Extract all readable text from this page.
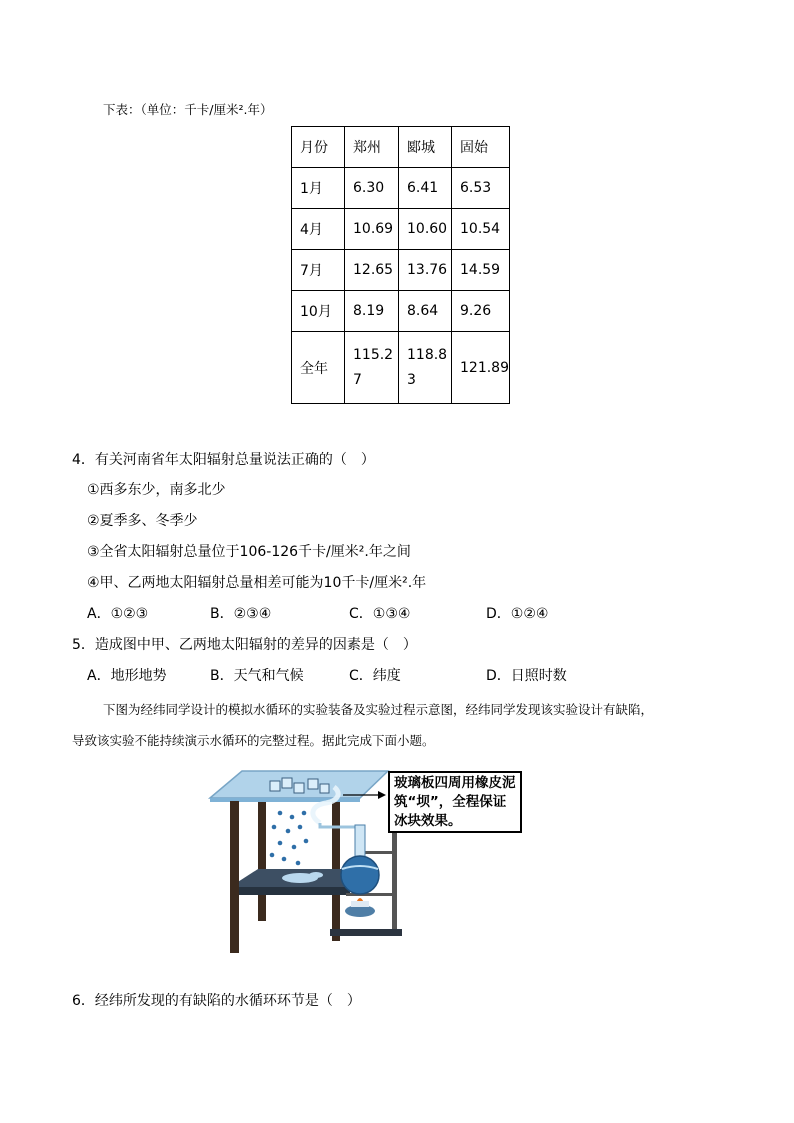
下表：（单位：千卡/厘米².年）
月份	郑州	郾城	固始
1月	6.30	6.41	6.53
4月	10.69	10.60	10.54
7月	12.65	13.76	14.59
10月	8.19	8.64	9.26
全年	115.27	118.83	121.89
4．有关河南省年太阳辐射总量说法正确的（　）
①西多东少，南多北少
②夏季多、冬季少
③全省太阳辐射总量位于106-126千卡/厘米².年之间
④甲、乙两地太阳辐射总量相差可能为10千卡/厘米².年
A．①②③	B．②③④	C．①③④	D．①②④
5．造成图中甲、乙两地太阳辐射的差异的因素是（　）
A．地形地势	B．天气和气候	C．纬度	D．日照时数
下图为经纬同学设计的模拟水循环的实验装备及实验过程示意图，经纬同学发现该实验设计有缺陷，
导致该实验不能持续演示水循环的完整过程。据此完成下面小题。
玻璃板四周用橡皮泥
筑“坝”，全程保证
冰块效果。
6．经纬所发现的有缺陷的水循环环节是（　）
